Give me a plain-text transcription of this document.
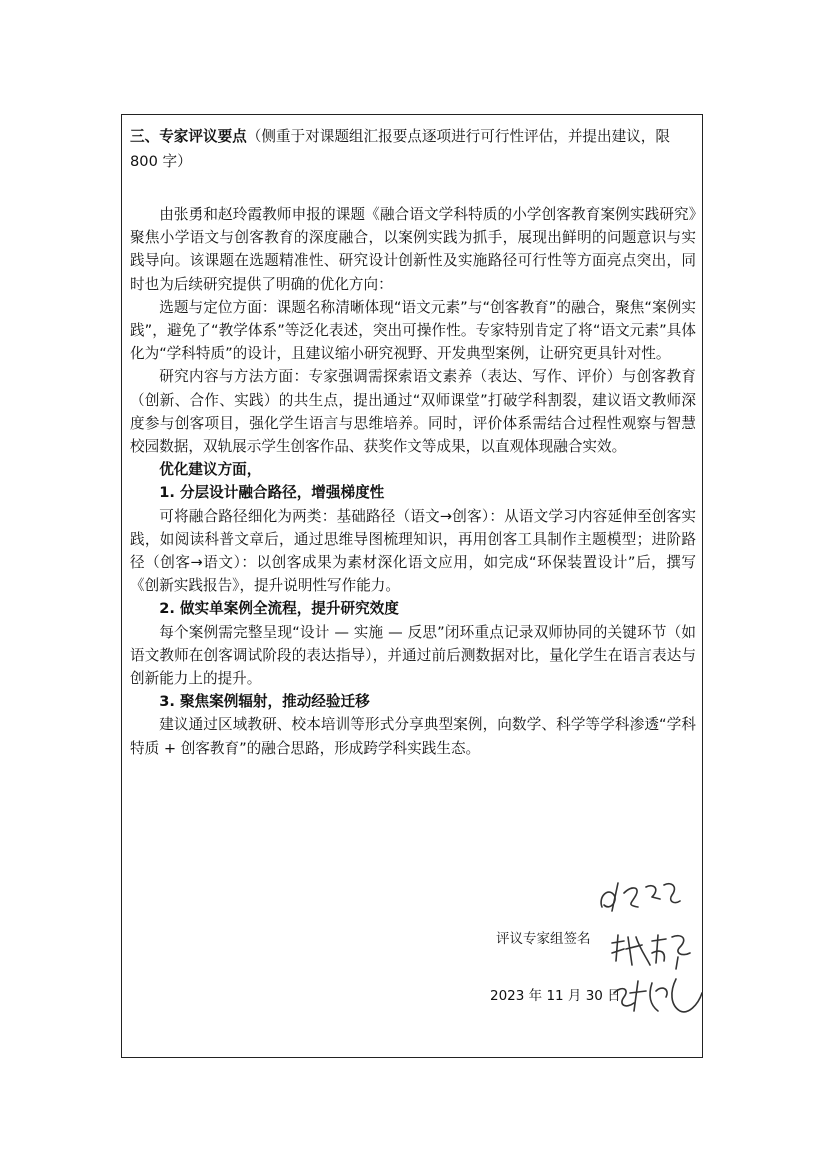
三、专家评议要点（侧重于对课题组汇报要点逐项进行可行性评估，并提出建议，限 800 字）

由张勇和赵玲霞教师申报的课题《融合语文学科特质的小学创客教育案例实践研究》聚焦小学语文与创客教育的深度融合，以案例实践为抓手，展现出鲜明的问题意识与实践导向。该课题在选题精准性、研究设计创新性及实施路径可行性等方面亮点突出，同时也为后续研究提供了明确的优化方向：

选题与定位方面：课题名称清晰体现“语文元素”与“创客教育”的融合，聚焦“案例实践”，避免了“教学体系”等泛化表述，突出可操作性。专家特别肯定了将“语文元素”具体化为“学科特质”的设计，且建议缩小研究视野、开发典型案例，让研究更具针对性。

研究内容与方法方面：专家强调需探索语文素养（表达、写作、评价）与创客教育（创新、合作、实践）的共生点，提出通过“双师课堂”打破学科割裂，建议语文教师深度参与创客项目，强化学生语言与思维培养。同时，评价体系需结合过程性观察与智慧校园数据，双轨展示学生创客作品、获奖作文等成果，以直观体现融合实效。

优化建议方面，

1. 分层设计融合路径，增强梯度性

可将融合路径细化为两类：基础路径（语文→创客）：从语文学习内容延伸至创客实践，如阅读科普文章后，通过思维导图梳理知识，再用创客工具制作主题模型；进阶路径（创客→语文）：以创客成果为素材深化语文应用，如完成“环保装置设计”后，撰写《创新实践报告》，提升说明性写作能力。

2. 做实单案例全流程，提升研究效度

每个案例需完整呈现“设计 — 实施 — 反思”闭环重点记录双师协同的关键环节（如语文教师在创客调试阶段的表达指导），并通过前后测数据对比，量化学生在语言表达与创新能力上的提升。

3. 聚焦案例辐射，推动经验迁移

建议通过区域教研、校本培训等形式分享典型案例，向数学、科学等学科渗透“学科特质 + 创客教育”的融合思路，形成跨学科实践生态。

评议专家组签名
2023 年 11 月 30 日
